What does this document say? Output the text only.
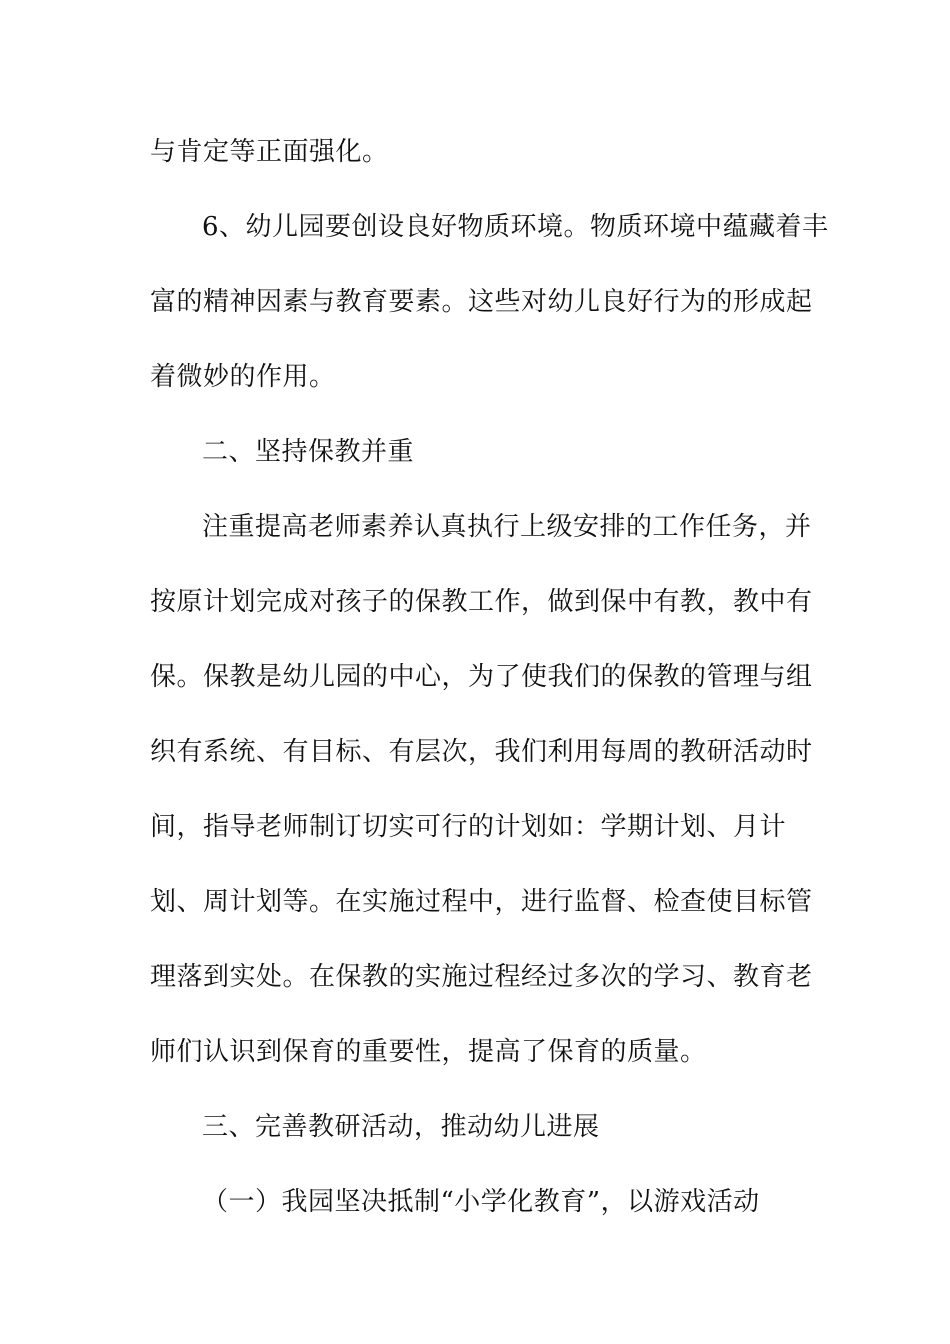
与肯定等正面强化。
6、幼儿园要创设良好物质环境。物质环境中蕴藏着丰
富的精神因素与教育要素。这些对幼儿良好行为的形成起
着微妙的作用。
二、坚持保教并重
注重提高老师素养认真执行上级安排的工作任务，并
按原计划完成对孩子的保教工作，做到保中有教，教中有
保。保教是幼儿园的中心，为了使我们的保教的管理与组
织有系统、有目标、有层次，我们利用每周的教研活动时
间，指导老师制订切实可行的计划如：学期计划、月计
划、周计划等。在实施过程中，进行监督、检查使目标管
理落到实处。在保教的实施过程经过多次的学习、教育老
师们认识到保育的重要性，提高了保育的质量。
三、完善教研活动，推动幼儿进展
（一）我园坚决抵制“小学化教育”，以游戏活动
